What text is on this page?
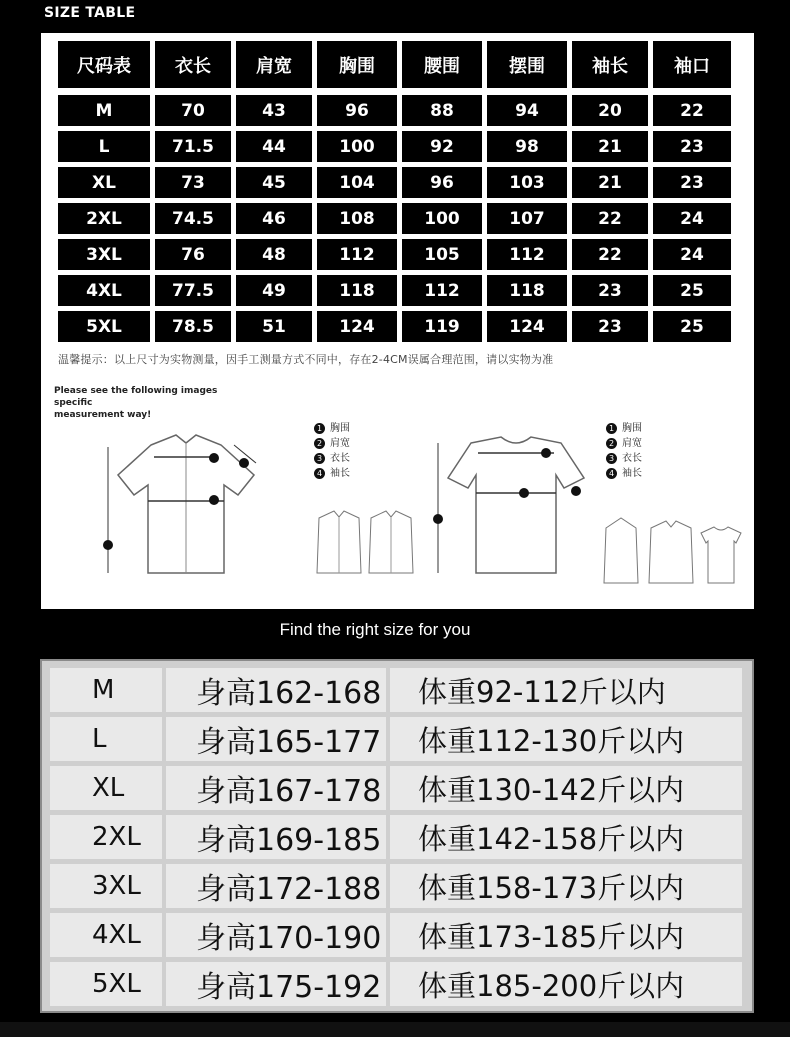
SIZE TABLE
尺码表	衣长	肩宽	胸围	腰围	摆围	袖长	袖口
M	70	43	96	88	94	20	22
L	71.5	44	100	92	98	21	23
XL	73	45	104	96	103	21	23
2XL	74.5	46	108	100	107	22	24
3XL	76	48	112	105	112	22	24
4XL	77.5	49	118	112	118	23	25
5XL	78.5	51	124	119	124	23	25
温馨提示：以上尺寸为实物测量，因手工测量方式不同中，存在2-4CM误属合理范围，请以实物为准
Please see the following images specific
measurement way!
1 胸围
2 肩宽
3 衣长
4 袖长
1 胸围
2 肩宽
3 衣长
4 袖长
Find the right size for you
M	身高162-168	体重92-112斤以内
L	身高165-177	体重112-130斤以内
XL	身高167-178	体重130-142斤以内
2XL	身高169-185	体重142-158斤以内
3XL	身高172-188	体重158-173斤以内
4XL	身高170-190	体重173-185斤以内
5XL	身高175-192	体重185-200斤以内
